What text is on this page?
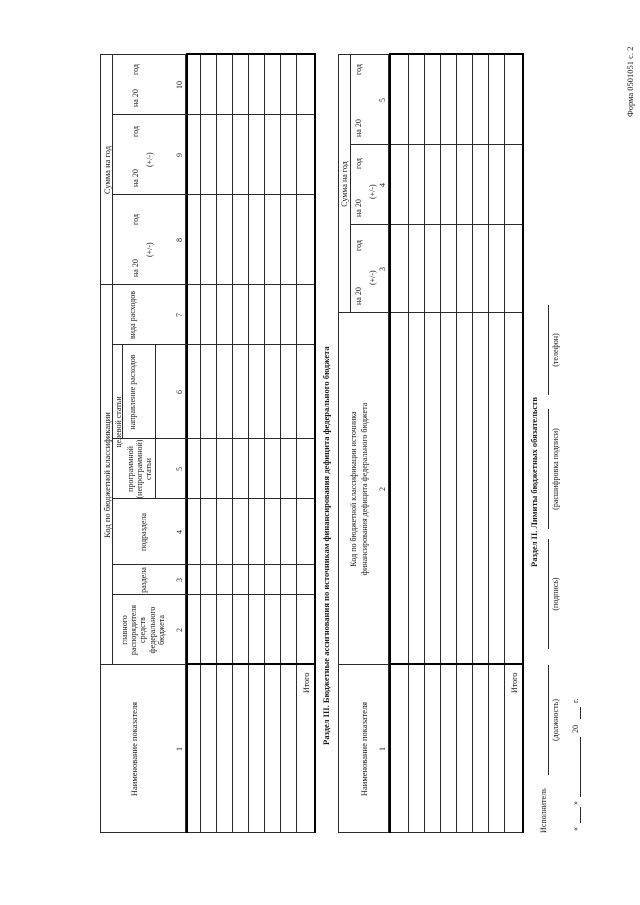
Форма 0501051 с. 2
Раздел II. Лимиты бюджетных обязательств
Наименование показателя
Код по бюджетной классификации
главного распорядителя средств федерального бюджета
раздела
подраздела
целевой статьи
программной (непрограммной) статьи
направление расходов
вида расходов
Сумма на год
на 20
год
(+/-)
на 20
год
(+/-)
на 20
год
1
2
3
4
5
6
7
8
9
10
Итого Раздел III. Бюджетные ассигнования по источникам финансирования дефицита федерального бюджета
Наименование показателя
Код по бюджетной классификации источника финансирования дефицита федерального бюджета
Сумма на год
на 20
год
(+/-)
на 20
год
(+/-)
на 20
год
1
2
3
4
5
Итого
Исполнитель
(должность)
(подпись)
(расшифровка подписи)
(телефон)
«
»
20
г.
